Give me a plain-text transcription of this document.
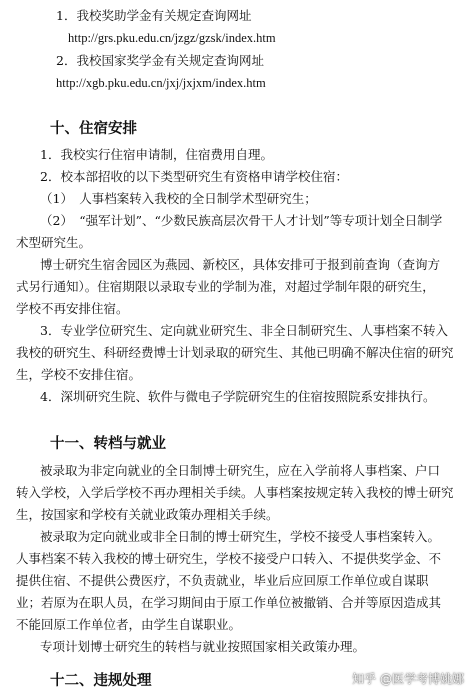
1．我校奖助学金有关规定查询网址
http://grs.pku.edu.cn/jzgz/gzsk/index.htm
2．我校国家奖学金有关规定查询网址
http://xgb.pku.edu.cn/jxj/jxjxm/index.htm
十、住宿安排
1．我校实行住宿申请制，住宿费用自理。
2．校本部招收的以下类型研究生有资格申请学校住宿：
（1）　人事档案转入我校的全日制学术型研究生；
（2）　“强军计划”、“少数民族高层次骨干人才计划”等专项计划全日制学
术型研究生。
博士研究生宿舍园区为燕园、新校区，具体安排可于报到前查询（查询方
式另行通知）。住宿期限以录取专业的学制为准，对超过学制年限的研究生，
学校不再安排住宿。
3．专业学位研究生、定向就业研究生、非全日制研究生、人事档案不转入
我校的研究生、科研经费博士计划录取的研究生、其他已明确不解决住宿的研究
生，学校不安排住宿。
4．深圳研究生院、软件与微电子学院研究生的住宿按照院系安排执行。
十一、转档与就业
被录取为非定向就业的全日制博士研究生，应在入学前将人事档案、户口
转入学校，入学后学校不再办理相关手续。人事档案按规定转入我校的博士研究
生，按国家和学校有关就业政策办理相关手续。
被录取为定向就业或非全日制的博士研究生，学校不接受人事档案转入。
人事档案不转入我校的博士研究生，学校不接受户口转入、不提供奖学金、不
提供住宿、不提供公费医疗，不负责就业，毕业后应回原工作单位或自谋职
业；若原为在职人员，在学习期间由于原工作单位被撤销、合并等原因造成其
不能回原工作单位者，由学生自谋职业。
专项计划博士研究生的转档与就业按照国家相关政策办理。
十二、违规处理	知乎 @医学考博姚娜
